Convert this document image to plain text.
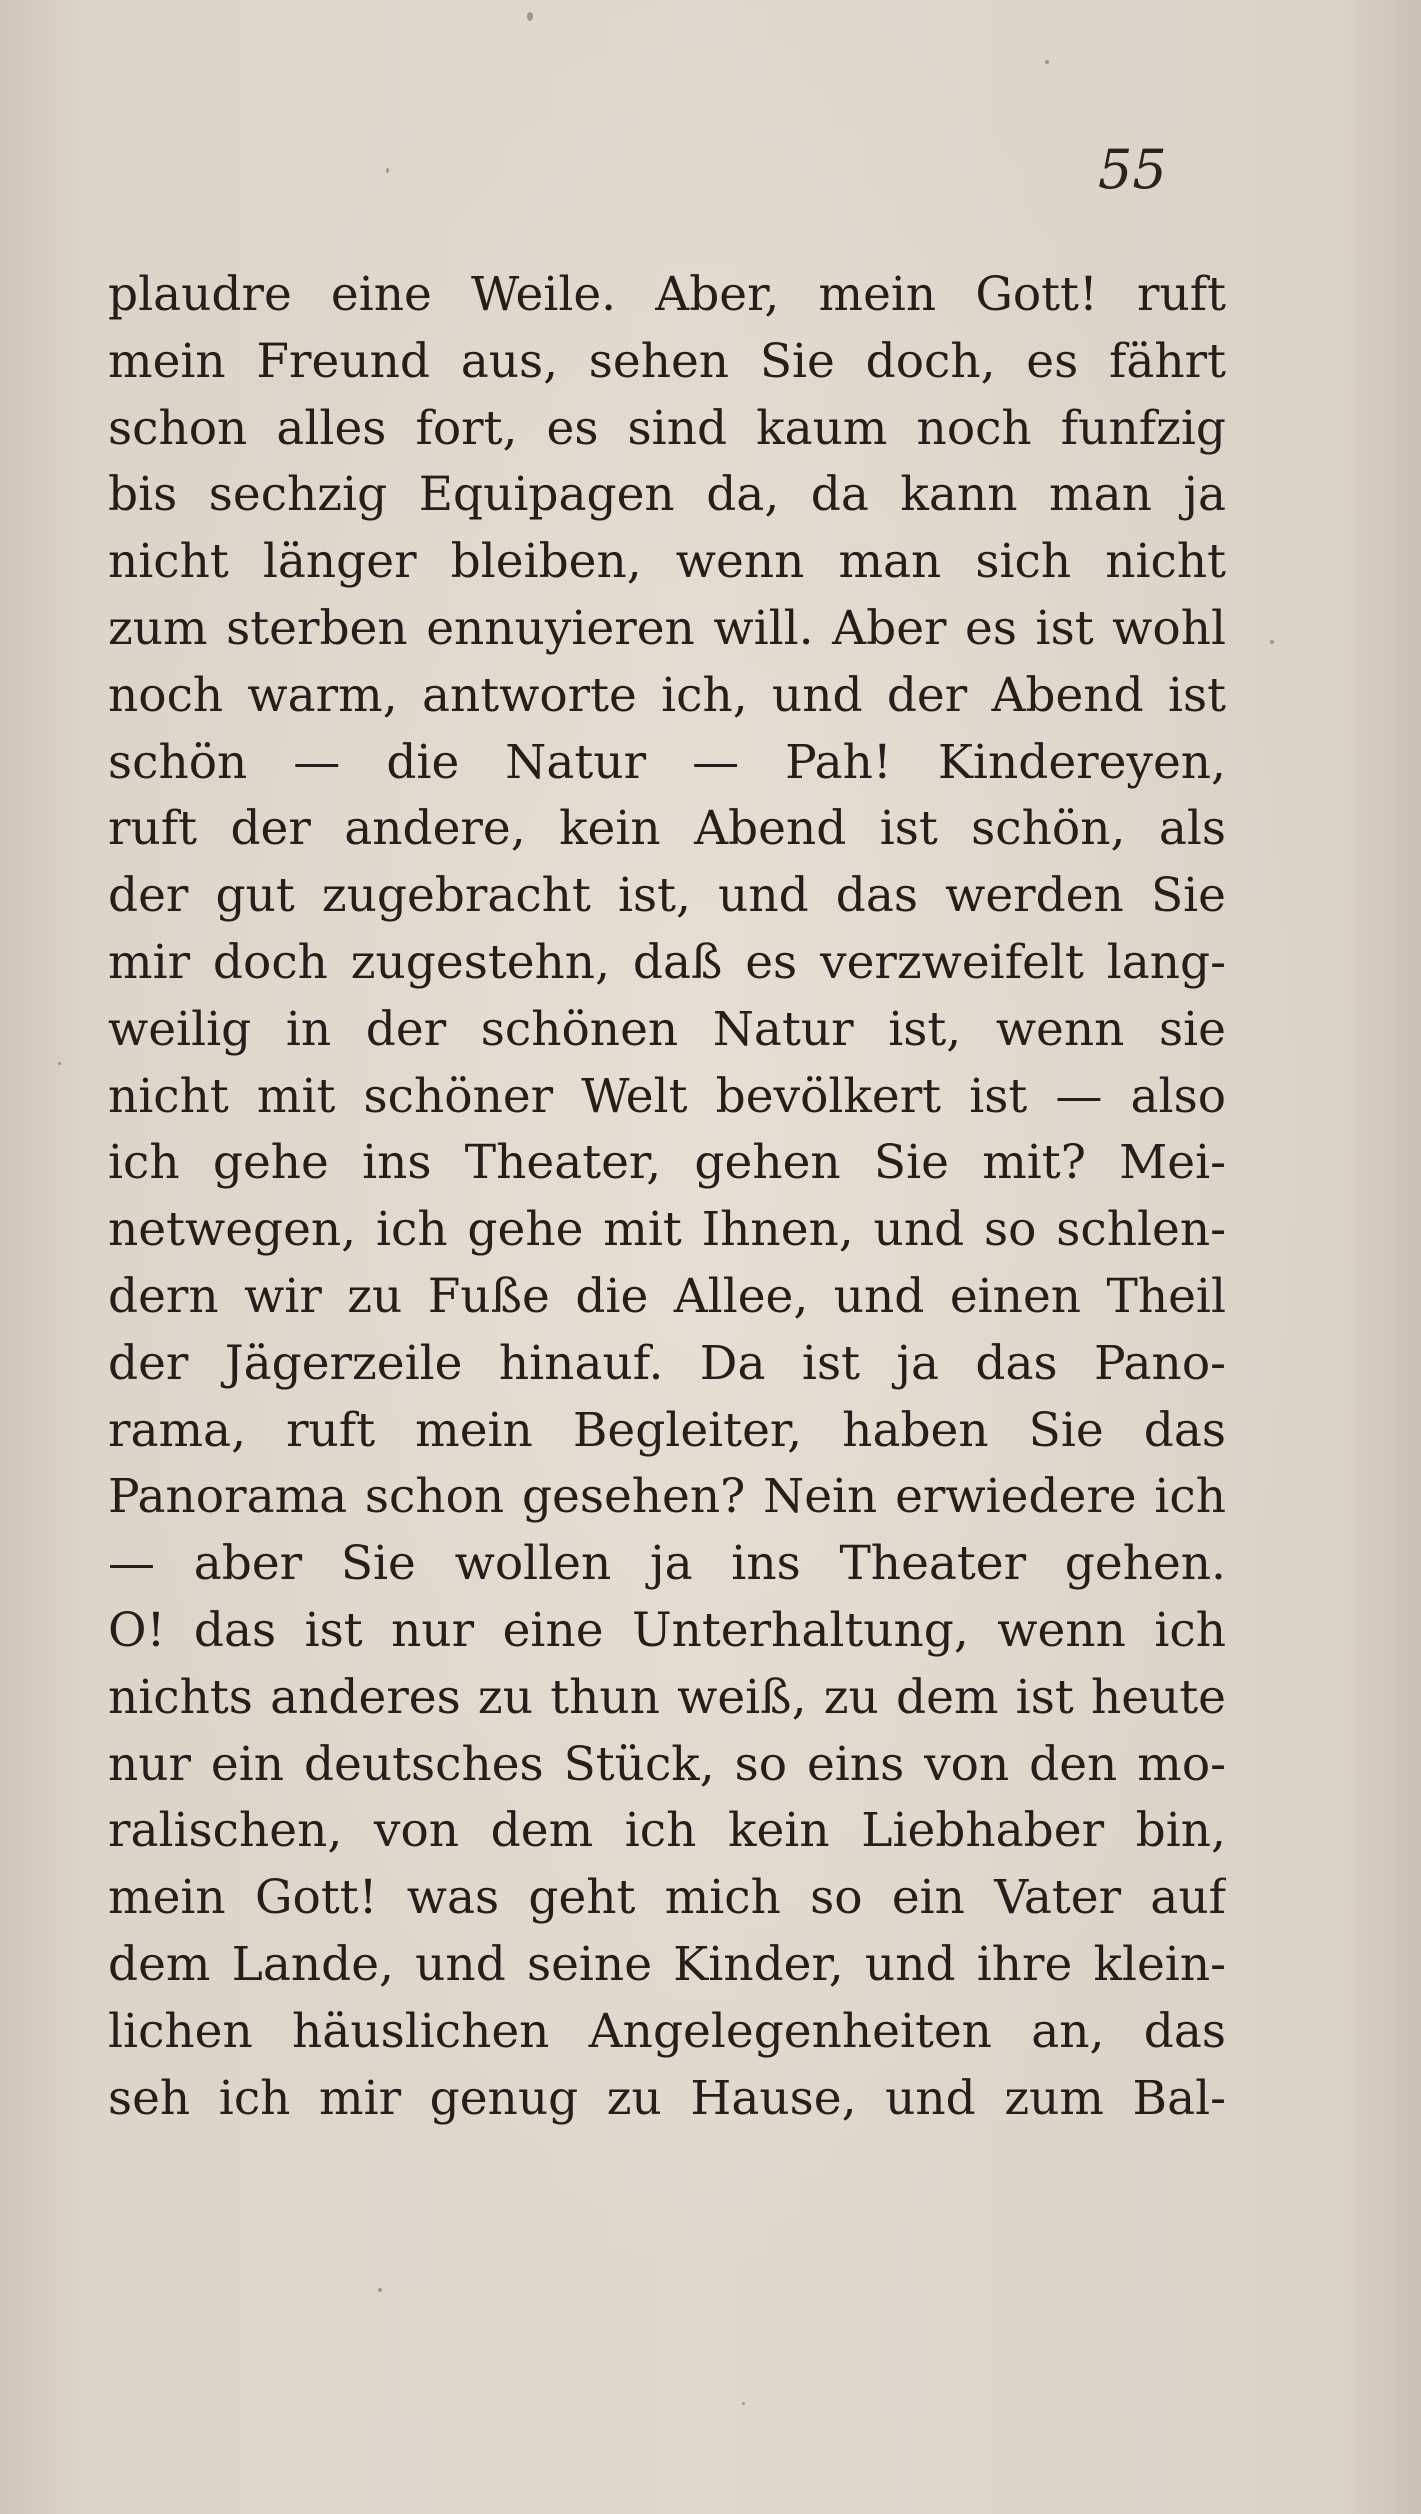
55
plaudre eine Weile. Aber, mein Gott! ruft
mein Freund aus, sehen Sie doch, es fährt
schon alles fort, es sind kaum noch funfzig
bis sechzig Equipagen da, da kann man ja
nicht länger bleiben, wenn man sich nicht
zum sterben ennuyieren will. Aber es ist wohl
noch warm, antworte ich, und der Abend ist
schön — die Natur — Pah! Kindereyen,
ruft der andere, kein Abend ist schön, als
der gut zugebracht ist, und das werden Sie
mir doch zugestehn, daß es verzweifelt lang-
weilig in der schönen Natur ist, wenn sie
nicht mit schöner Welt bevölkert ist — also
ich gehe ins Theater, gehen Sie mit? Mei-
netwegen, ich gehe mit Ihnen, und so schlen-
dern wir zu Fuße die Allee, und einen Theil
der Jägerzeile hinauf. Da ist ja das Pano-
rama, ruft mein Begleiter, haben Sie das
Panorama schon gesehen? Nein erwiedere ich
— aber Sie wollen ja ins Theater gehen.
O! das ist nur eine Unterhaltung, wenn ich
nichts anderes zu thun weiß, zu dem ist heute
nur ein deutsches Stück, so eins von den mo-
ralischen, von dem ich kein Liebhaber bin,
mein Gott! was geht mich so ein Vater auf
dem Lande, und seine Kinder, und ihre klein-
lichen häuslichen Angelegenheiten an, das
seh ich mir genug zu Hause, und zum Bal-
